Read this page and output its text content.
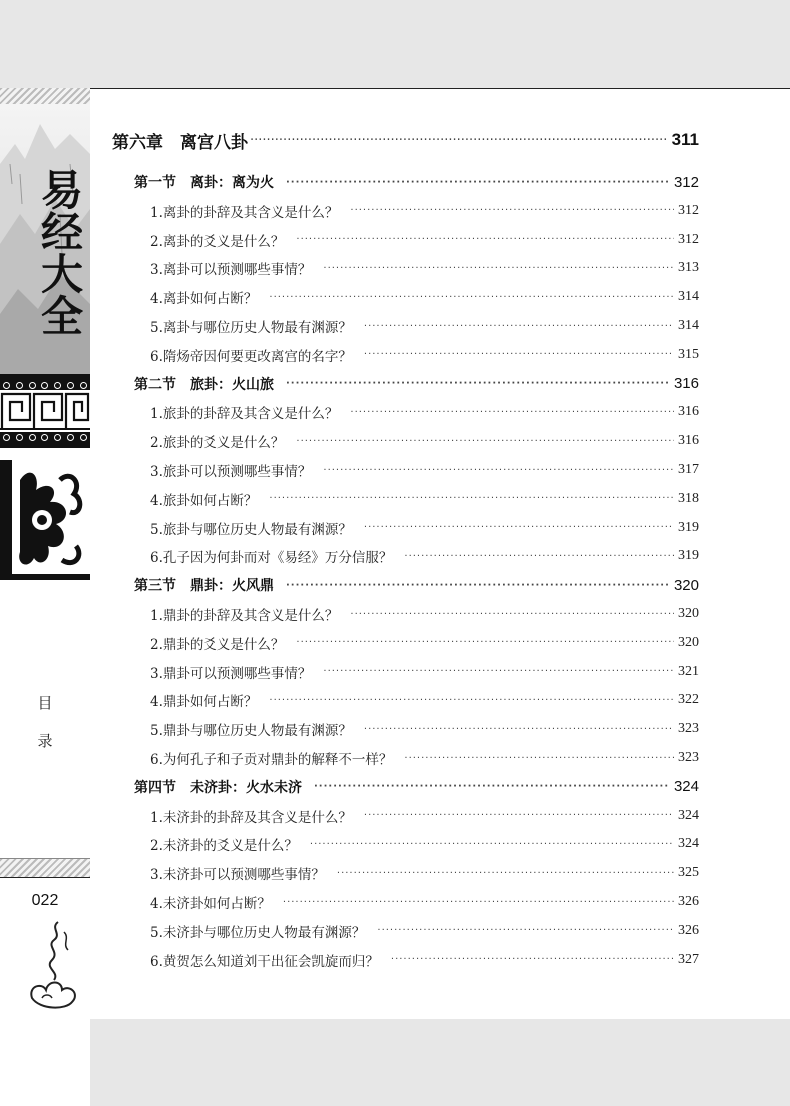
易经大全
目
录
022
第六章　离宫八卦 ·····	311
第一节　离卦：离为火 ·····	312
1.离卦的卦辞及其含义是什么？ ·····	312
2.离卦的爻义是什么？ ·····	312
3.离卦可以预测哪些事情？ ·····	313
4.离卦如何占断？ ·····	314
5.离卦与哪位历史人物最有渊源？ ·····	314
6.隋炀帝因何要更改离宫的名字？ ·····	315
第二节　旅卦：火山旅 ·····	316
1.旅卦的卦辞及其含义是什么？ ·····	316
2.旅卦的爻义是什么？ ·····	316
3.旅卦可以预测哪些事情？ ·····	317
4.旅卦如何占断？ ·····	318
5.旅卦与哪位历史人物最有渊源？ ·····	319
6.孔子因为何卦而对《易经》万分信服？ ·····	319
第三节　鼎卦：火风鼎 ·····	320
1.鼎卦的卦辞及其含义是什么？ ·····	320
2.鼎卦的爻义是什么？ ·····	320
3.鼎卦可以预测哪些事情？ ·····	321
4.鼎卦如何占断？ ·····	322
5.鼎卦与哪位历史人物最有渊源？ ·····	323
6.为何孔子和子贡对鼎卦的解释不一样？ ·····	323
第四节　未济卦：火水未济 ·····	324
1.未济卦的卦辞及其含义是什么？ ·····	324
2.未济卦的爻义是什么？ ·····	324
3.未济卦可以预测哪些事情？ ·····	325
4.未济卦如何占断？ ·····	326
5.未济卦与哪位历史人物最有渊源？ ·····	326
6.黄贺怎么知道刘干出征会凯旋而归？ ·····	327
